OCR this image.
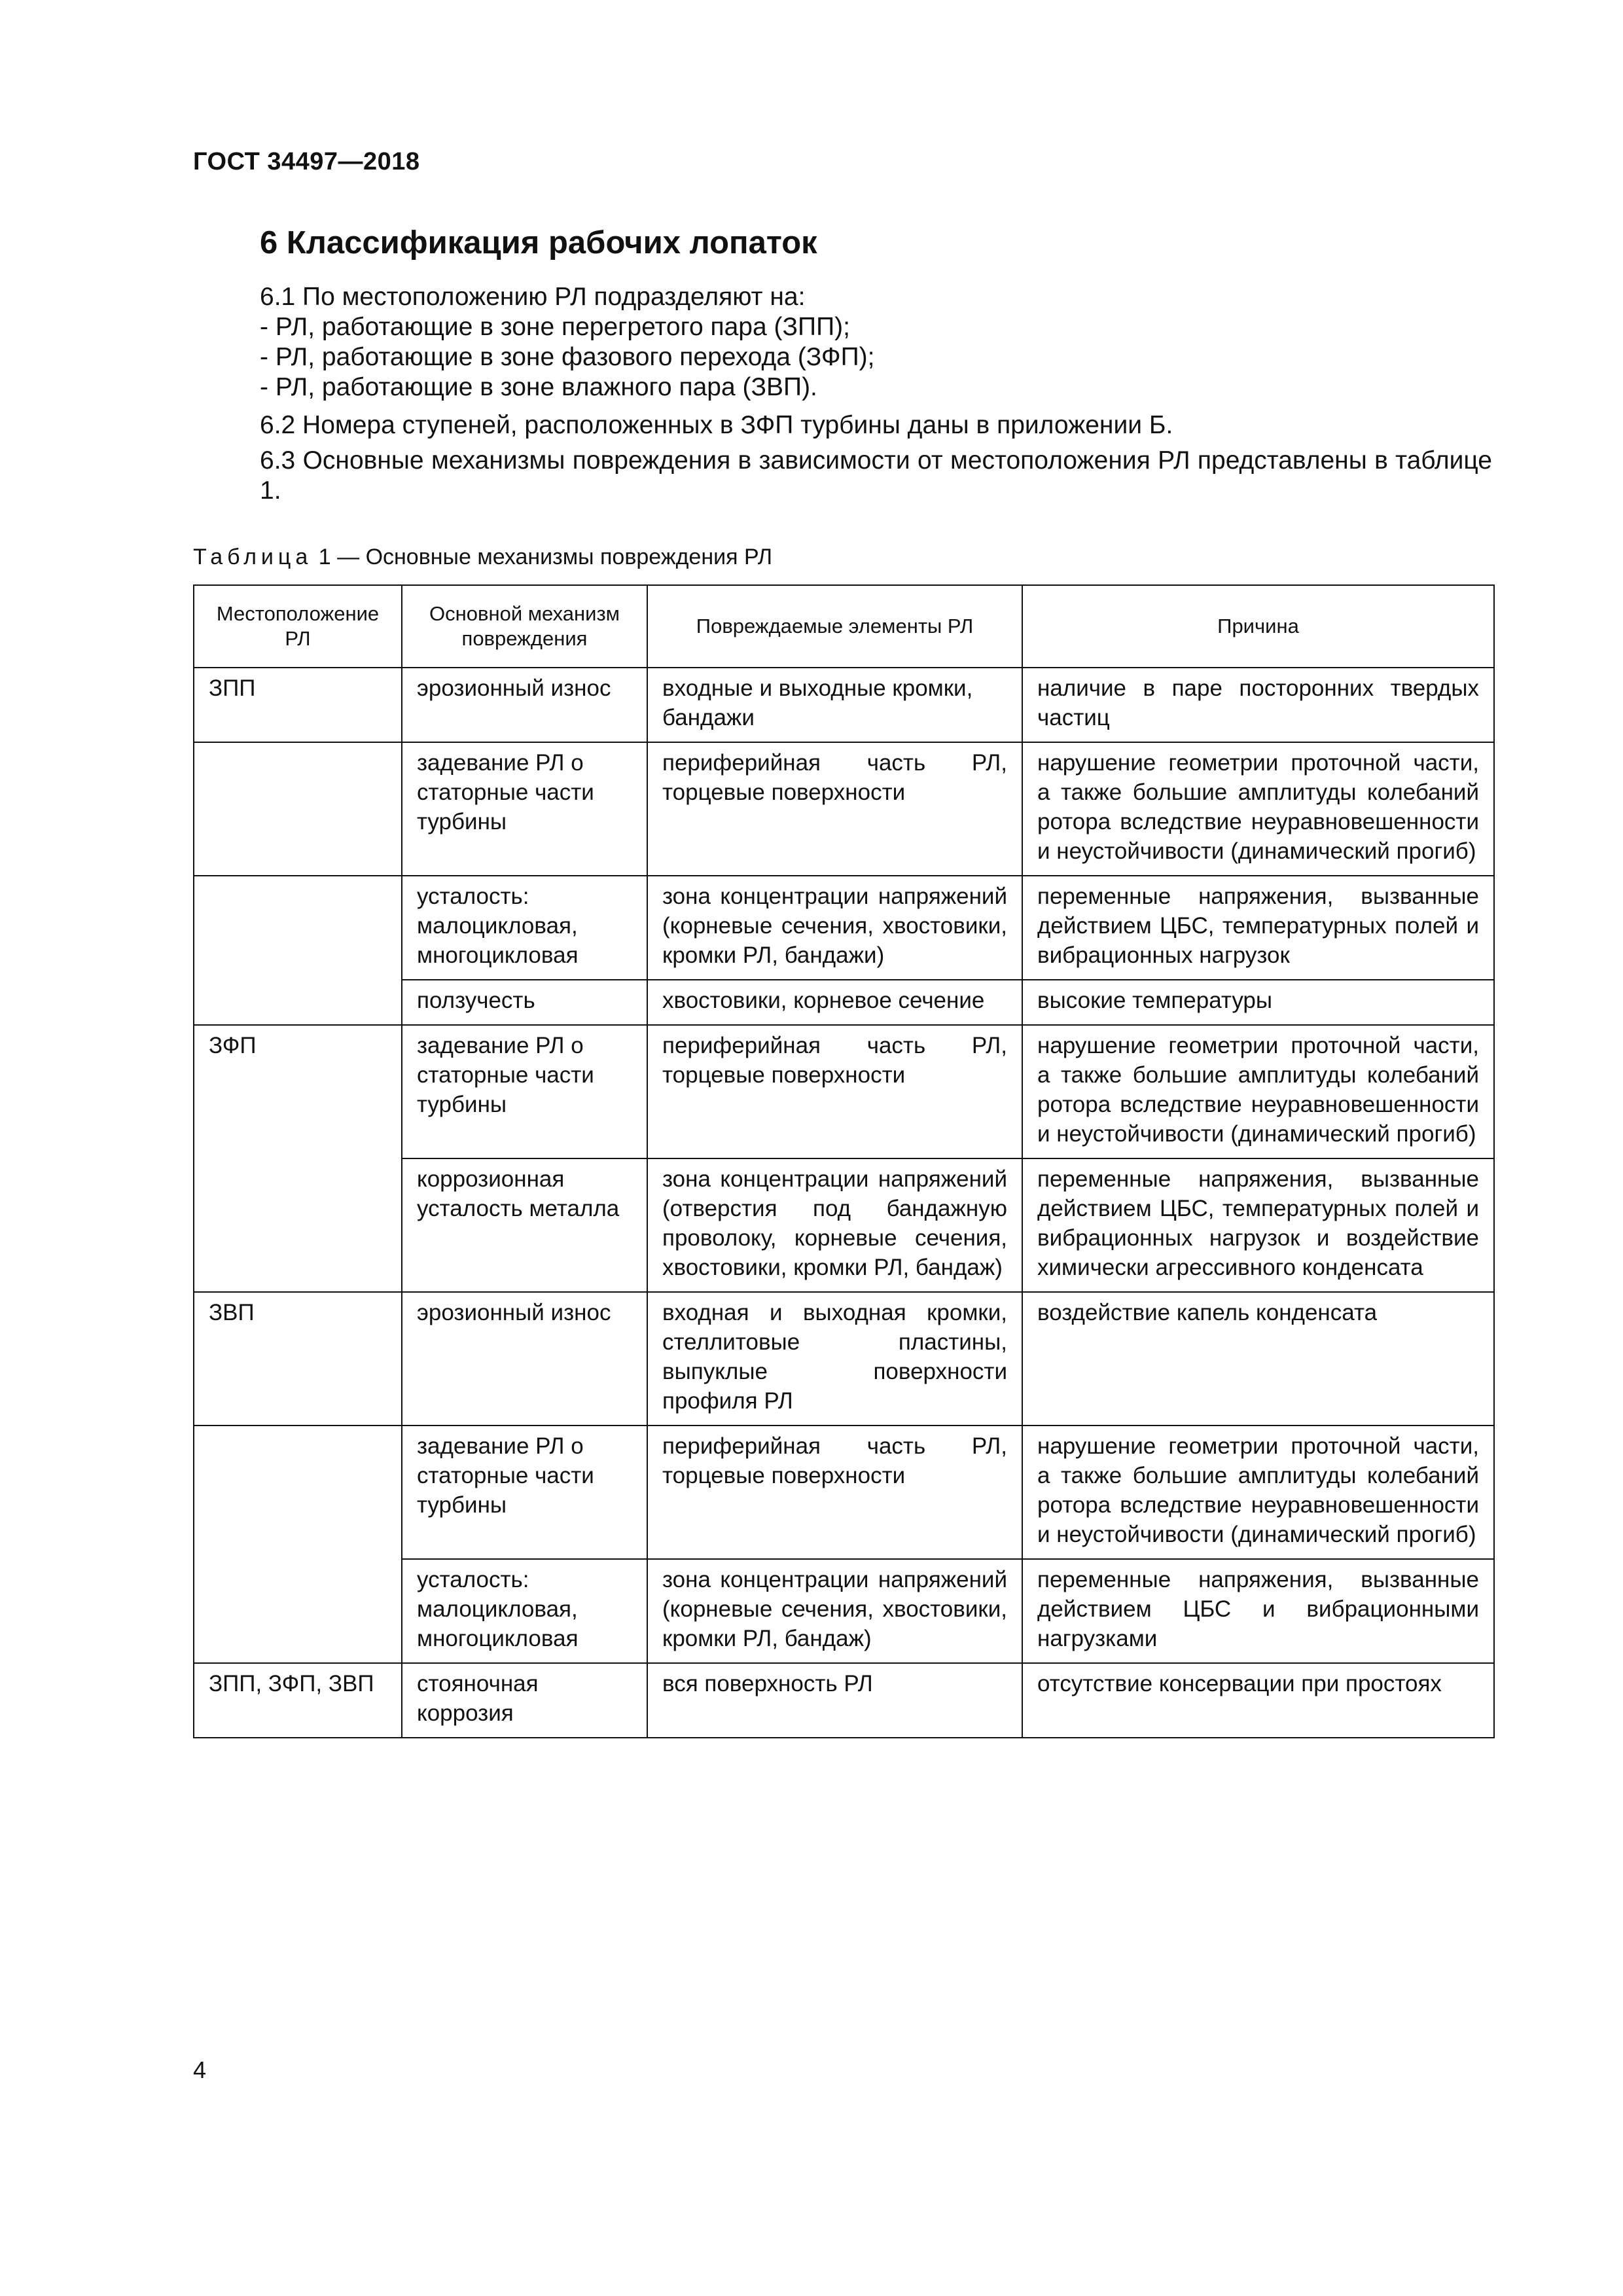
ГОСТ 34497—2018
6 Классификация рабочих лопаток
6.1 По местоположению РЛ подразделяют на:
- РЛ, работающие в зоне перегретого пара (ЗПП);
- РЛ, работающие в зоне фазового перехода (ЗФП);
- РЛ, работающие в зоне влажного пара (ЗВП).
6.2 Номера ступеней, расположенных в ЗФП турбины даны в приложении Б.
6.3 Основные механизмы повреждения в зависимости от местоположения РЛ представлены в таблице 1.
Таблица 1 — Основные механизмы повреждения РЛ
Местоположение РЛ	Основной механизм повреждения	Повреждаемые элементы РЛ	Причина
ЗПП	эрозионный износ	входные и выходные кромки, бандажи	наличие в паре посторонних твердых частиц
	задевание РЛ о статорные части турбины	периферийная часть РЛ, торцевые поверхности	нарушение геометрии проточной части, а также большие амплитуды колебаний ротора вследствие неуравновешенности и неустойчивости (динамический прогиб)
	усталость: малоцикловая, многоцикловая	зона концентрации напряжений (корневые сечения, хвостовики, кромки РЛ, бандажи)	переменные напряжения, вызванные действием ЦБС, температурных полей и вибрационных нагрузок
	ползучесть	хвостовики, корневое сечение	высокие температуры
ЗФП	задевание РЛ о статорные части турбины	периферийная часть РЛ, торцевые поверхности	нарушение геометрии проточной части, а также большие амплитуды колебаний ротора вследствие неуравновешенности и неустойчивости (динамический прогиб)
	коррозионная усталость металла	зона концентрации напряжений (отверстия под бандажную проволоку, корневые сечения, хвостовики, кромки РЛ, бандаж)	переменные напряжения, вызванные действием ЦБС, температурных полей и вибрационных нагрузок и воздействие химически агрессивного конденсата
ЗВП	эрозионный износ	входная и выходная кромки, стеллитовые пластины, выпуклые поверхности профиля РЛ	воздействие капель конденсата
	задевание РЛ о статорные части турбины	периферийная часть РЛ, торцевые поверхности	нарушение геометрии проточной части, а также большие амплитуды колебаний ротора вследствие неуравновешенности и неустойчивости (динамический прогиб)
	усталость: малоцикловая, многоцикловая	зона концентрации напряжений (корневые сечения, хвостовики, кромки РЛ, бандаж)	переменные напряжения, вызванные действием ЦБС и вибрационными нагрузками
ЗПП, ЗФП, ЗВП	стояночная коррозия	вся поверхность РЛ	отсутствие консервации при простоях
4
